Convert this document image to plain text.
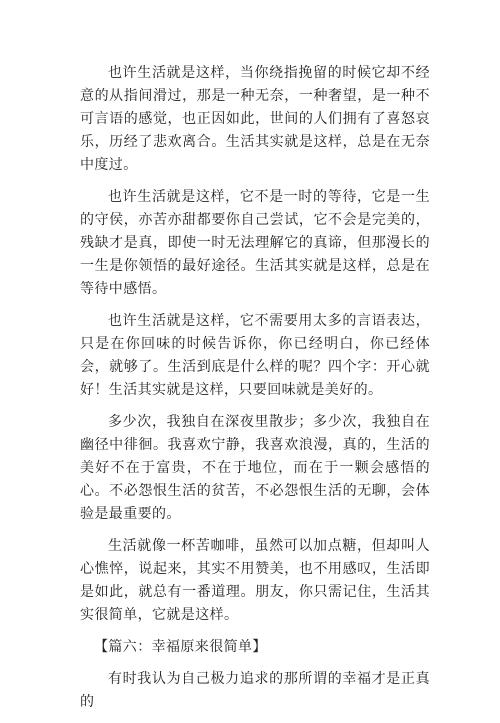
也许生活就是这样，当你绕指挽留的时候它却不经意的从指间滑过，那是一种无奈，一种奢望，是一种不可言语的感觉，也正因如此，世间的人们拥有了喜怒哀乐，历经了悲欢离合。生活其实就是这样，总是在无奈中度过。

也许生活就是这样，它不是一时的等待，它是一生的守侯，亦苦亦甜都要你自己尝试，它不会是完美的，残缺才是真，即使一时无法理解它的真谛，但那漫长的一生是你领悟的最好途径。生活其实就是这样，总是在等待中感悟。

也许生活就是这样，它不需要用太多的言语表达，只是在你回味的时候告诉你，你已经明白，你已经体会，就够了。生活到底是什么样的呢？四个字：开心就好！生活其实就是这样，只要回味就是美好的。

多少次，我独自在深夜里散步；多少次，我独自在幽径中徘徊。我喜欢宁静，我喜欢浪漫，真的，生活的美好不在于富贵，不在于地位，而在于一颗会感悟的心。不必怨恨生活的贫苦，不必怨恨生活的无聊，会体验是最重要的。

生活就像一杯苦咖啡，虽然可以加点糖，但却叫人心憔悴，说起来，其实不用赞美，也不用感叹，生活即是如此，就总有一番道理。朋友，你只需记住，生活其实很简单，它就是这样。

【篇六：幸福原来很简单】

有时我认为自己极力追求的那所谓的幸福才是正真的
